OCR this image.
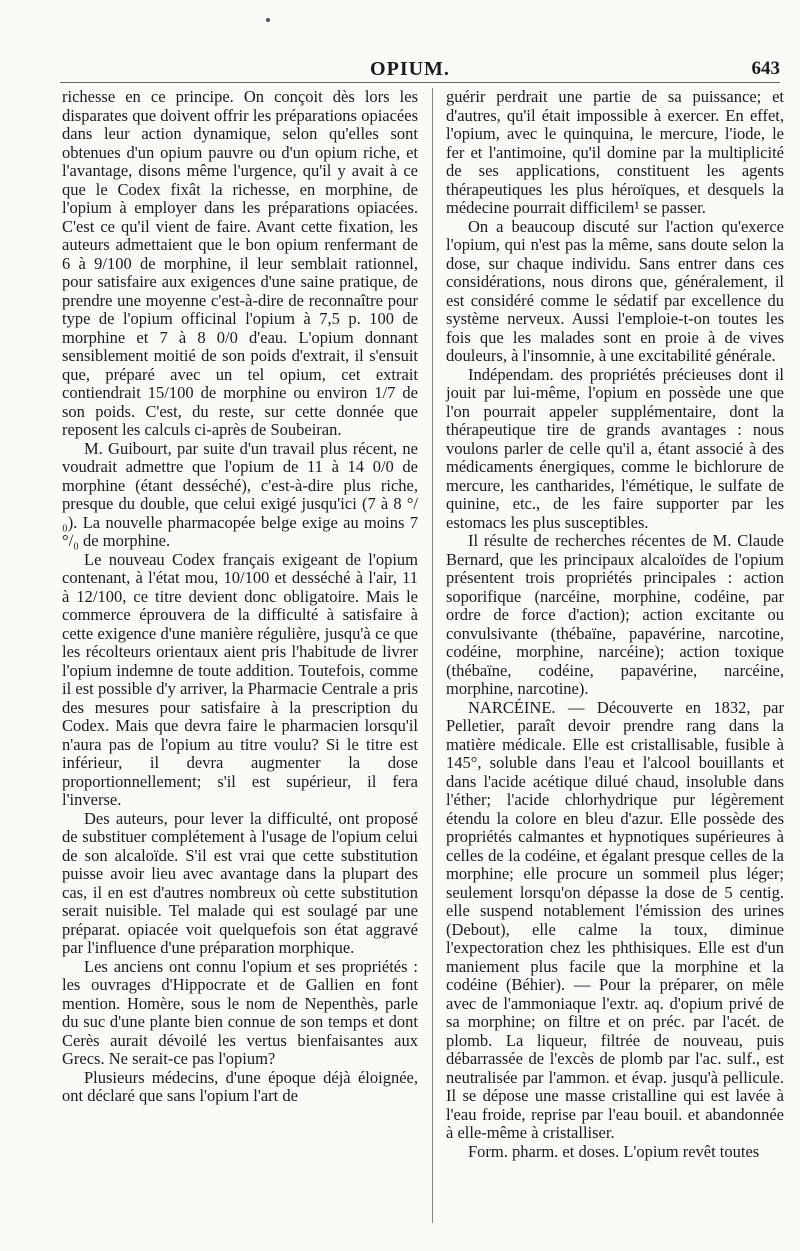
OPIUM.	643

richesse en ce principe. On conçoit dès lors les disparates que doivent offrir les préparations opiacées dans leur action dynamique, selon qu'elles sont obtenues d'un opium pauvre ou d'un opium riche, et l'avantage, disons même l'urgence, qu'il y avait à ce que le Codex fixât la richesse, en morphine, de l'opium à employer dans les préparations opiacées. C'est ce qu'il vient de faire. Avant cette fixation, les auteurs admettaient que le bon opium renfermant de 6 à 9/100 de morphine, il leur semblait rationnel, pour satisfaire aux exigences d'une saine pratique, de prendre une moyenne c'est-à-dire de reconnaître pour type de l'opium officinal l'opium à 7,5 p. 100 de morphine et 7 à 8 0/0 d'eau. L'opium donnant sensiblement moitié de son poids d'extrait, il s'ensuit que, préparé avec un tel opium, cet extrait contiendrait 15/100 de morphine ou environ 1/7 de son poids. C'est, du reste, sur cette donnée que reposent les calculs ci-après de Soubeiran.

M. Guibourt, par suite d'un travail plus récent, ne voudrait admettre que l'opium de 11 à 14 0/0 de morphine (étant desséché), c'est-à-dire plus riche, presque du double, que celui exigé jusqu'ici (7 à 8 °/₀). La nouvelle pharmacopée belge exige au moins 7 °/₀ de morphine.

Le nouveau Codex français exigeant de l'opium contenant, à l'état mou, 10/100 et desséché à l'air, 11 à 12/100, ce titre devient donc obligatoire. Mais le commerce éprouvera de la difficulté à satisfaire à cette exigence d'une manière régulière, jusqu'à ce que les récolteurs orientaux aient pris l'habitude de livrer l'opium indemne de toute addition. Toutefois, comme il est possible d'y arriver, la Pharmacie Centrale a pris des mesures pour satisfaire à la prescription du Codex. Mais que devra faire le pharmacien lorsqu'il n'aura pas de l'opium au titre voulu? Si le titre est inférieur, il devra augmenter la dose proportionnellement; s'il est supérieur, il fera l'inverse.

Des auteurs, pour lever la difficulté, ont proposé de substituer complétement à l'usage de l'opium celui de son alcaloïde. S'il est vrai que cette substitution puisse avoir lieu avec avantage dans la plupart des cas, il en est d'autres nombreux où cette substitution serait nuisible. Tel malade qui est soulagé par une préparat. opiacée voit quelquefois son état aggravé par l'influence d'une préparation morphique.

Les anciens ont connu l'opium et ses propriétés : les ouvrages d'Hippocrate et de Gallien en font mention. Homère, sous le nom de Nepenthès, parle du suc d'une plante bien connue de son temps et dont Cerès aurait dévoilé les vertus bienfaisantes aux Grecs. Ne serait-ce pas l'opium?

Plusieurs médecins, d'une époque déjà éloignée, ont déclaré que sans l'opium l'art de

guérir perdrait une partie de sa puissance; et d'autres, qu'il était impossible à exercer. En effet, l'opium, avec le quinquina, le mercure, l'iode, le fer et l'antimoine, qu'il domine par la multiplicité de ses applications, constituent les agents thérapeutiques les plus héroïques, et desquels la médecine pourrait difficilem¹ se passer.

On a beaucoup discuté sur l'action qu'exerce l'opium, qui n'est pas la même, sans doute selon la dose, sur chaque individu. Sans entrer dans ces considérations, nous dirons que, généralement, il est considéré comme le sédatif par excellence du système nerveux. Aussi l'emploie-t-on toutes les fois que les malades sont en proie à de vives douleurs, à l'insomnie, à une excitabilité générale.

Indépendam. des propriétés précieuses dont il jouit par lui-même, l'opium en possède une que l'on pourrait appeler supplémentaire, dont la thérapeutique tire de grands avantages : nous voulons parler de celle qu'il a, étant associé à des médicaments énergiques, comme le bichlorure de mercure, les cantharides, l'émétique, le sulfate de quinine, etc., de les faire supporter par les estomacs les plus susceptibles.

Il résulte de recherches récentes de M. Claude Bernard, que les principaux alcaloïdes de l'opium présentent trois propriétés principales : action soporifique (narcéine, morphine, codéine, par ordre de force d'action); action excitante ou convulsivante (thébaïne, papavérine, narcotine, codéine, morphine, narcéine); action toxique (thébaïne, codéine, papavérine, narcéine, morphine, narcotine).

NARCÉINE. — Découverte en 1832, par Pelletier, paraît devoir prendre rang dans la matière médicale. Elle est cristallisable, fusible à 145°, soluble dans l'eau et l'alcool bouillants et dans l'acide acétique dilué chaud, insoluble dans l'éther; l'acide chlorhydrique pur légèrement étendu la colore en bleu d'azur. Elle possède des propriétés calmantes et hypnotiques supérieures à celles de la codéine, et égalant presque celles de la morphine; elle procure un sommeil plus léger; seulement lorsqu'on dépasse la dose de 5 centig. elle suspend notablement l'émission des urines (Debout), elle calme la toux, diminue l'expectoration chez les phthisiques. Elle est d'un maniement plus facile que la morphine et la codéine (Béhier). — Pour la préparer, on mêle avec de l'ammoniaque l'extr. aq. d'opium privé de sa morphine; on filtre et on préc. par l'acét. de plomb. La liqueur, filtrée de nouveau, puis débarrassée de l'excès de plomb par l'ac. sulf., est neutralisée par l'ammon. et évap. jusqu'à pellicule. Il se dépose une masse cristalline qui est lavée à l'eau froide, reprise par l'eau bouil. et abandonnée à elle-même à cristalliser.

Form. pharm. et doses. L'opium revêt toutes
